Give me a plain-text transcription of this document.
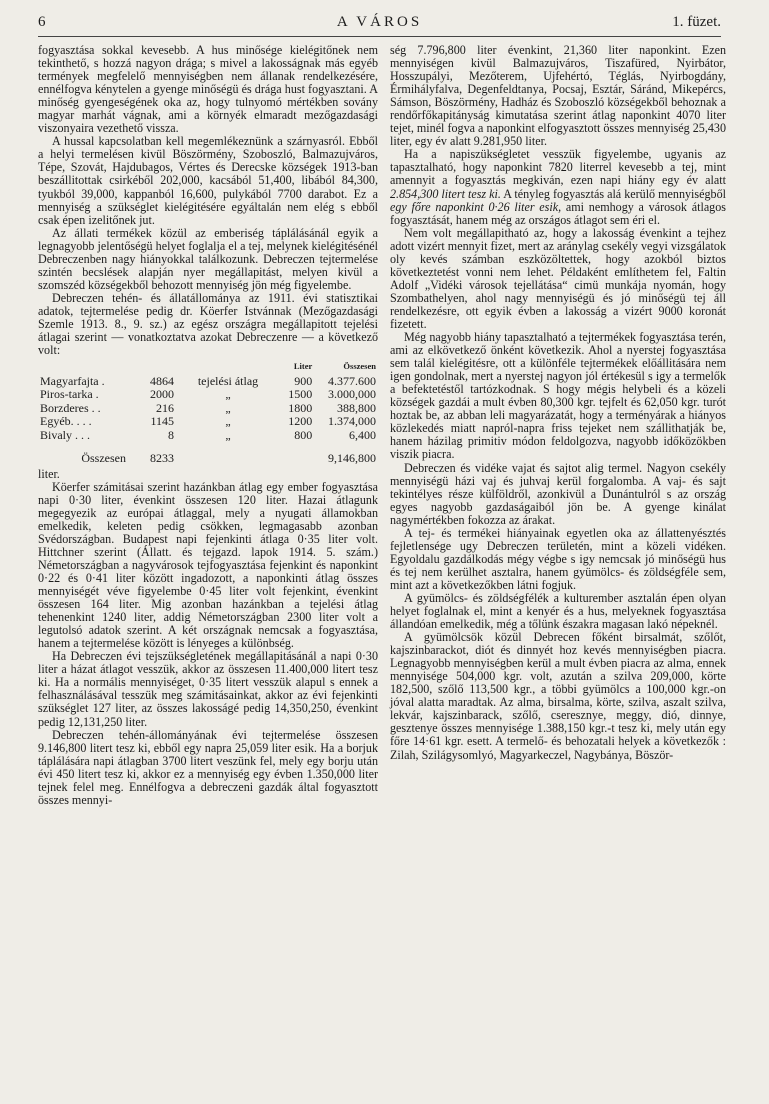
6	A VÁROS	1. füzet.

fogyasztása sokkal kevesebb. A hus minősége kielégitőnek nem tekinthető, s hozzá nagyon drága; s mivel a lakosságnak más egyéb termények megfelelő mennyiségben nem állanak rendelkezésére, ennélfogva kénytelen a gyenge minőségü és drága hust fogyasztani. A minőség gyengeségének oka az, hogy tulnyomó mértékben sovány magyar marhát vágnak, ami a környék elmaradt mezőgazdasági viszonyaira vezethető vissza.

A hussal kapcsolatban kell megemlékeznünk a szárnyasról. Ebből a helyi termelésen kivül Böszörmény, Szoboszló, Balmazujváros, Tépe, Szovát, Hajdubagos, Vértes és Derecske községek 1913-ban beszállitottak csirkéből 202,000, kacsából 51,400, libából 84,300, tyukból 39,000, kappanból 16,600, pulykából 7700 darabot. Ez a mennyiség a szükséglet kielégitésére egyáltalán nem elég s ebből csak épen izelitőnek jut.

Az állati termékek közül az emberiség táplálásánál egyik a legnagyobb jelentőségü helyet foglalja el a tej, melynek kielégitésénél Debreczenben nagy hiányokkal találkozunk. Debreczen tejtermelése szintén becslések alapján nyer megállapitást, melyen kivül a szomszéd községekből behozott mennyiség jön még figyelembe.

Debreczen tehén- és állatállománya az 1911. évi statisztikai adatok, tejtermelése pedig dr. Köerfer Istvánnak (Mezőgazdasági Szemle 1913. 8., 9. sz.) az egész országra megállapitott tejelési átlagai szerint — vonatkoztatva azokat Debreczenre — a következő volt:

			Liter	Összesen
Magyarfajta .	4864	tejelési átlag	900	4.377.600
Piros-tarka .	2000	„	1500	3.000,000
Borzderes . .	216	„	1800	388,800
Egyéb. . . .	1145	„	1200	1.374,000
Bivaly . . .	8	„	800	6,400
Összesen	8233			9,146,800

liter.

Köerfer számitásai szerint hazánkban átlag egy ember fogyasztása napi 0·30 liter, évenkint összesen 120 liter. Hazai átlagunk megegyezik az európai átlaggal, mely a nyugati államokban emelkedik, keleten pedig csökken, legmagasabb azonban Svédországban. Budapest napi fejenkinti átlaga 0·35 liter volt. Hittchner szerint (Állatt. és tejgazd. lapok 1914. 5. szám.) Németországban a nagyvárosok tejfogyasztása fejenkint és naponkint 0·22 és 0·41 liter között ingadozott, a naponkinti átlag összes mennyiségét véve figyelembe 0·45 liter volt fejenkint, évenkint összesen 164 liter. Mig azonban hazánkban a tejelési átlag tehenenkint 1240 liter, addig Németországban 2300 liter volt a legutolsó adatok szerint. A két országnak nemcsak a fogyasztása, hanem a tejtermelése között is lényeges a különbség.

Ha Debreczen évi tejszükségletének megállapitásánál a napi 0·30 liter a házat átlagot vesszük, akkor az összesen 11.400,000 litert tesz ki. Ha a normális mennyiséget, 0·35 litert vesszük alapul s ennek a felhasználásával tesszük meg számitásainkat, akkor az évi fejenkinti szükséglet 127 liter, az összes lakosságé pedig 14,350,250, évenkint pedig 12,131,250 liter.

Debreczen tehén-állományának évi tejtermelése összesen 9.146,800 litert tesz ki, ebből egy napra 25,059 liter esik. Ha a borjuk táplálására napi átlagban 3700 litert veszünk fel, mely egy borju után évi 450 litert tesz ki, akkor ez a mennyiség egy évben 1.350,000 liter tejnek felel meg. Ennélfogva a debreczeni gazdák által fogyasztott összes mennyi-

ség 7.796,800 liter évenkint, 21,360 liter naponkint. Ezen mennyiségen kivül Balmazujváros, Tiszafüred, Nyirbátor, Hosszupályi, Mezőterem, Ujfehértó, Téglás, Nyirbogdány, Érmihályfalva, Degenfeldtanya, Pocsaj, Esztár, Sáránd, Mikepércs, Sámson, Böszörmény, Hadház és Szoboszló községekből behoznak a rendőrfőkapitányság kimutatása szerint átlag naponkint 4070 liter tejet, minél fogva a naponkint elfogyasztott összes mennyiség 25,430 liter, egy év alatt 9.281,950 liter.

Ha a napiszükségletet vesszük figyelembe, ugyanis az tapasztalható, hogy naponkint 7820 literrel kevesebb a tej, mint amennyit a fogyasztás megkiván, ezen napi hiány egy év alatt 2.854,300 litert tesz ki. A tényleg fogyasztás alá kerülő mennyiségből egy főre naponkint 0·26 liter esik, ami nemhogy a városok átlagos fogyasztását, hanem még az országos átlagot sem éri el.

Nem volt megállapitható az, hogy a lakosság évenkint a tejhez adott vizért mennyit fizet, mert az aránylag csekély vegyi vizsgálatok oly kevés számban eszközöltettek, hogy azokból biztos következtetést vonni nem lehet. Példaként említhetem fel, Faltin Adolf „Vidéki városok tejellátása“ cimü munkája nyomán, hogy Szombathelyen, ahol nagy mennyiségü és jó minőségü tej áll rendelkezésre, ott egyik évben a lakosság a vizért 9000 koronát fizetett.

Még nagyobb hiány tapasztalható a tejtermékek fogyasztása terén, ami az elkövetkező önként következik. Ahol a nyerstej fogyasztása sem talál kielégitésre, ott a különféle tejtermékek előállitására nem igen gondolnak, mert a nyerstej nagyon jól értékesül s igy a termelők a befektetéstől tartózkodnak. S hogy mégis helybeli és a közeli községek gazdái a mult évben 80,300 kgr. tejfelt és 62,050 kgr. turót hoztak be, az abban leli magyarázatát, hogy a terményárak a hiányos közlekedés miatt napról-napra friss tejeket nem szállithatják be, hanem házilag primitiv módon feldolgozva, nagyobb időközökben viszik piacra.

Debreczen és vidéke vajat és sajtot alig termel. Nagyon csekély mennyiségü házi vaj és juhvaj kerül forgalomba. A vaj- és sajt tekintélyes része külföldről, azonkivül a Dunántulról s az ország egyes nagyobb gazdaságaiból jön be. A gyenge kinálat nagymértékben fokozza az árakat.

A tej- és termékei hiányainak egyetlen oka az állattenyésztés fejletlensége ugy Debreczen területén, mint a közeli vidéken. Egyoldalu gazdálkodás mégy végbe s igy nemcsak jó minőségü hus és tej nem kerülhet asztalra, hanem gyümölcs- és zöldségféle sem, mint azt a következőkben látni fogjuk.

A gyümölcs- és zöldségfélék a kulturember asztalán épen olyan helyet foglalnak el, mint a kenyér és a hus, melyeknek fogyasztása állandóan emelkedik, még a tőlünk északra magasan lakó népeknél.

A gyümölcsök közül Debrecen főként birsalmát, szőlőt, kajszinbarackot, diót és dinnyét hoz kevés mennyiségben piacra. Legnagyobb mennyiségben kerül a mult évben piacra az alma, ennek mennyisége 504,000 kgr. volt, azután a szilva 209,000, körte 182,500, szőlő 113,500 kgr., a többi gyümölcs a 100,000 kgr.-on jóval alatta maradtak. Az alma, birsalma, körte, szilva, aszalt szilva, lekvár, kajszinbarack, szőlő, cseresznye, meggy, dió, dinnye, gesztenye összes mennyisége 1.388,150 kgr.-t tesz ki, mely után egy főre 14·61 kgr. esett. A termelő- és behozatali helyek a következők : Zilah, Szilágysomlyó, Magyarkeczel, Nagybánya, Böször-
